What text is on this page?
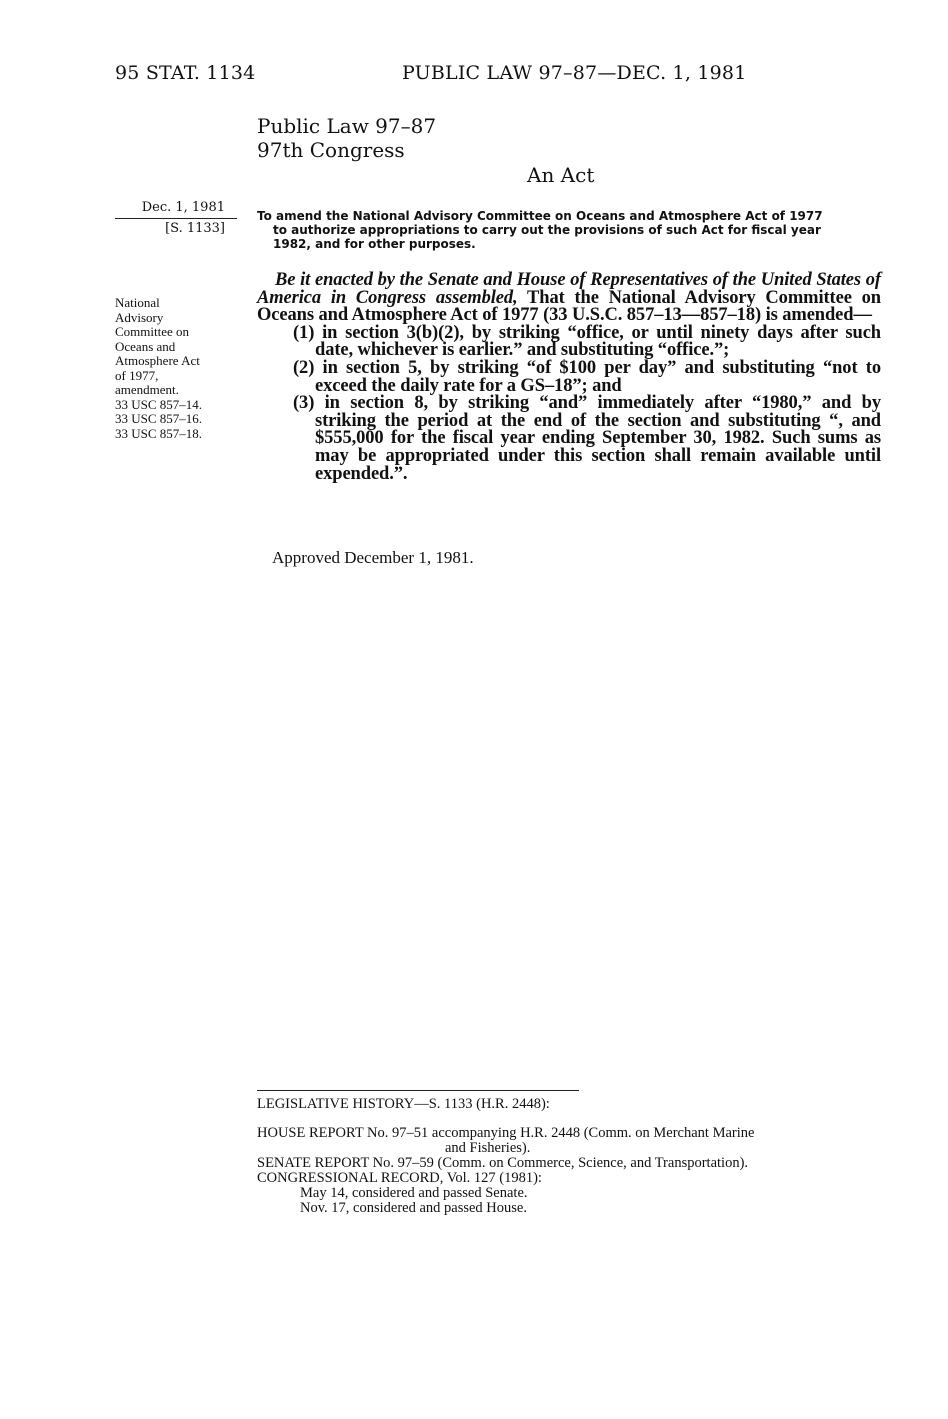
95 STAT. 1134	PUBLIC LAW 97–87—DEC. 1, 1981
Public Law 97–87
97th Congress
An Act
Dec. 1, 1981
[S. 1133]
To amend the National Advisory Committee on Oceans and Atmosphere Act of 1977
to authorize appropriations to carry out the provisions of such Act for fiscal year
1982, and for other purposes.
National
Advisory
Committee on
Oceans and
Atmosphere Act
of 1977,
amendment.
33 USC 857–14.
33 USC 857–16.
33 USC 857–18.

Be it enacted by the Senate and House of Representatives of the United States of America in Congress assembled, That the National Advisory Committee on Oceans and Atmosphere Act of 1977 (33 U.S.C. 857–13—857–18) is amended—

(1) in section 3(b)(2), by striking “office, or until ninety days after such date, whichever is earlier.” and substituting “office.”;

(2) in section 5, by striking “of $100 per day” and substituting “not to exceed the daily rate for a GS–18”; and

(3) in section 8, by striking “and” immediately after “1980,” and by striking the period at the end of the section and substituting “, and $555,000 for the fiscal year ending September 30, 1982. Such sums as may be appropriated under this section shall remain available until expended.”.

Approved December 1, 1981.
LEGISLATIVE HISTORY—S. 1133 (H.R. 2448):
HOUSE REPORT No. 97–51 accompanying H.R. 2448 (Comm. on Merchant Marine
and Fisheries).
SENATE REPORT No. 97–59 (Comm. on Commerce, Science, and Transportation).
CONGRESSIONAL RECORD, Vol. 127 (1981):
May 14, considered and passed Senate.
Nov. 17, considered and passed House.
